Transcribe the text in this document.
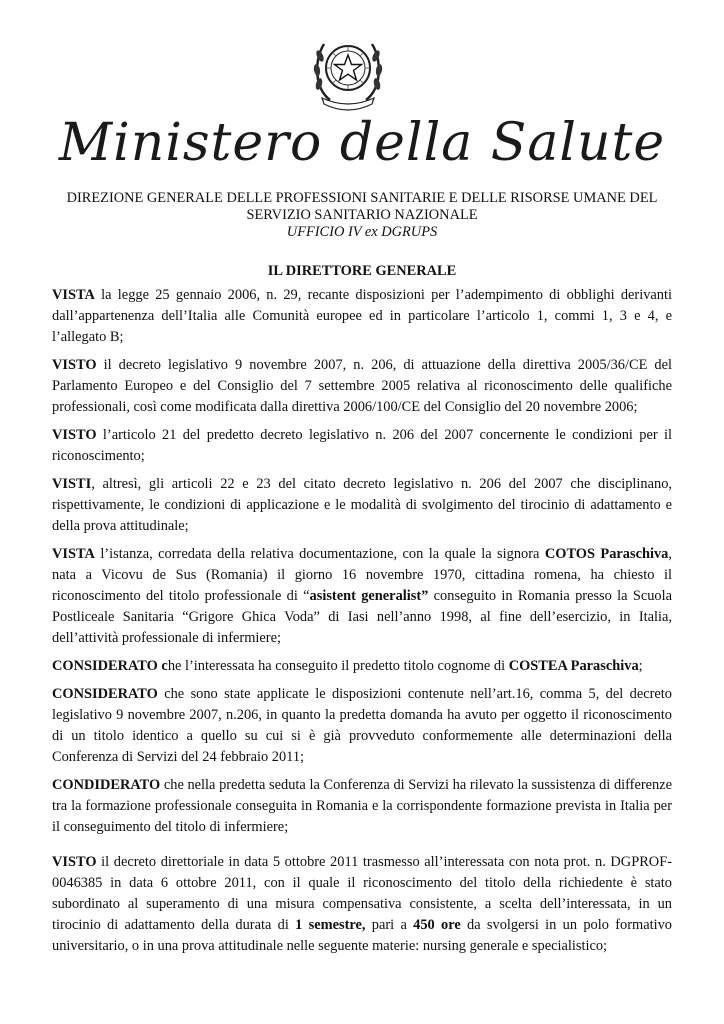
Ministero della Salute
DIREZIONE GENERALE DELLE PROFESSIONI SANITARIE E DELLE RISORSE UMANE DEL
SERVIZIO SANITARIO NAZIONALE
UFFICIO IV ex DGRUPS
IL DIRETTORE GENERALE

VISTA la legge 25 gennaio 2006, n. 29, recante disposizioni per l’adempimento di obblighi derivanti dall’appartenenza dell’Italia alle Comunità europee ed in particolare l’articolo 1, commi 1, 3 e 4, e l’allegato B;

VISTO il decreto legislativo 9 novembre 2007, n. 206, di attuazione della direttiva 2005/36/CE del Parlamento Europeo e del Consiglio del 7 settembre 2005 relativa al riconoscimento delle qualifiche professionali, così come modificata dalla direttiva 2006/100/CE del Consiglio del 20 novembre 2006;

VISTO l’articolo 21 del predetto decreto legislativo n. 206 del 2007 concernente le condizioni per il riconoscimento;

VISTI, altresì, gli articoli 22 e 23 del citato decreto legislativo n. 206 del 2007 che disciplinano, rispettivamente, le condizioni di applicazione e le modalità di svolgimento del tirocinio di adattamento e della prova attitudinale;

VISTA l’istanza, corredata della relativa documentazione, con la quale la signora COTOS Paraschiva, nata a Vicovu de Sus (Romania) il giorno 16 novembre 1970, cittadina romena, ha chiesto il riconoscimento del titolo professionale di “asistent generalist” conseguito in Romania presso la Scuola Postliceale Sanitaria “Grigore Ghica Voda” di Iasi nell’anno 1998, al fine dell’esercizio, in Italia, dell’attività professionale di infermiere;

CONSIDERATO che l’interessata ha conseguito il predetto titolo cognome di COSTEA Paraschiva;

CONSIDERATO che sono state applicate le disposizioni contenute nell’art.16, comma 5, del decreto legislativo 9 novembre 2007, n.206, in quanto la predetta domanda ha avuto per oggetto il riconoscimento di un titolo identico a quello su cui si è già provveduto conformemente alle determinazioni della Conferenza di Servizi del 24 febbraio 2011;

CONDIDERATO che nella predetta seduta la Conferenza di Servizi ha rilevato la sussistenza di differenze tra la formazione professionale conseguita in Romania e la corrispondente formazione prevista in Italia per il conseguimento del titolo di infermiere;

VISTO il decreto direttoriale in data 5 ottobre 2011 trasmesso all’interessata con nota prot. n. DGPROF-0046385 in data 6 ottobre 2011, con il quale il riconoscimento del titolo della richiedente è stato subordinato al superamento di una misura compensativa consistente, a scelta dell’interessata, in un tirocinio di adattamento della durata di 1 semestre, pari a 450 ore da svolgersi in un polo formativo universitario, o in una prova attitudinale nelle seguente materie: nursing generale e specialistico;
